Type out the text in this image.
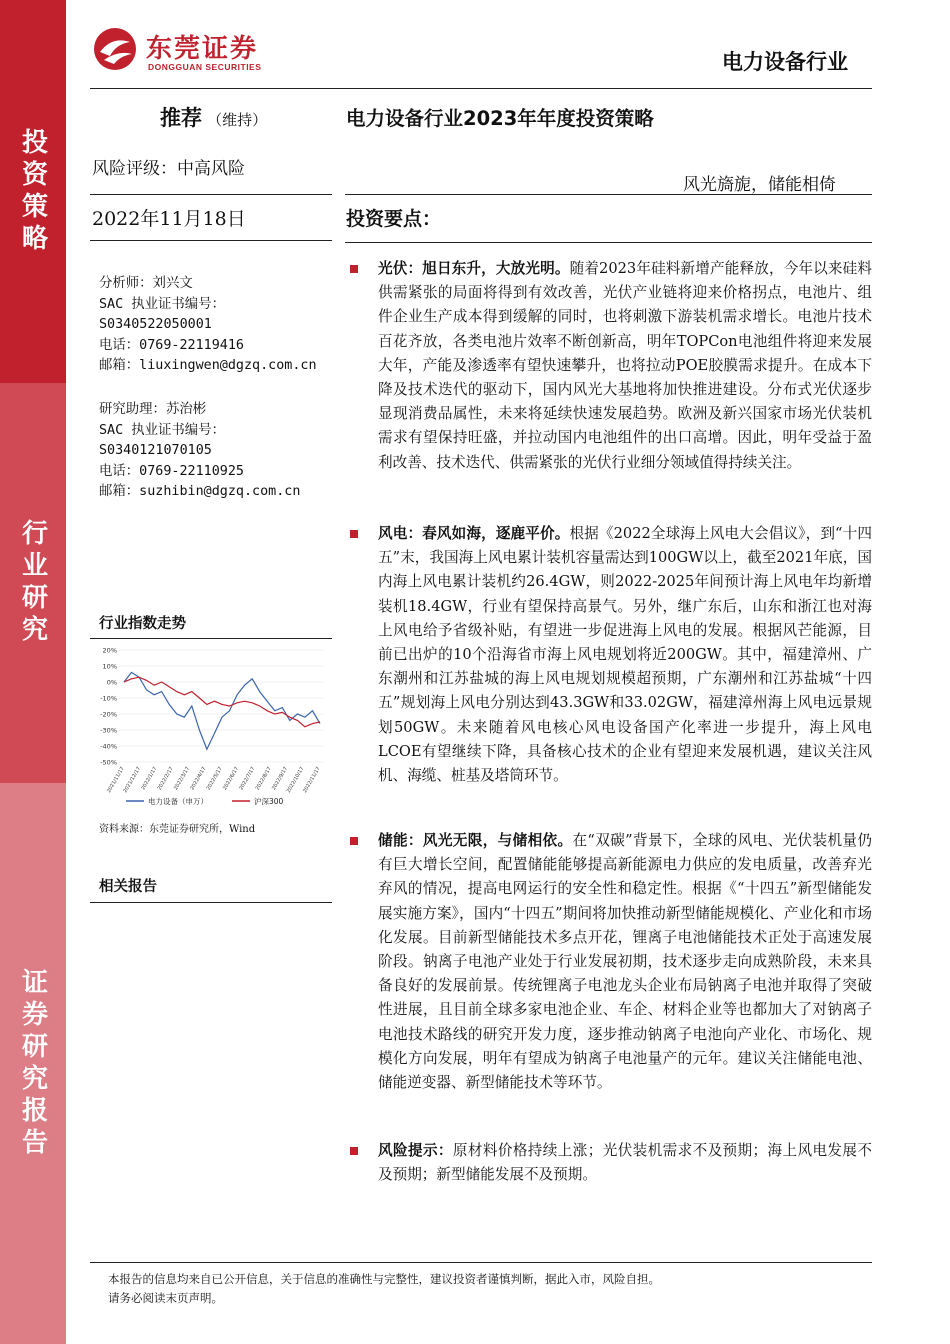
投资策略
行业研究
证券研究报告
东莞证券
DONGGUAN SECURITIES	电力设备行业
推荐 （维持）	电力设备行业2023年年度投资策略
风险评级：中高风险
风光旖旎，储能相倚
2022年11月18日	投资要点：
分析师：刘兴文
SAC 执业证书编号：
S0340522050001
电话：0769-22119416
邮箱：liuxingwen@dgzq.com.cn
研究助理：苏治彬
SAC 执业证书编号：
S0340121070105
电话：0769-22110925
邮箱：suzhibin@dgzq.com.cn
行业指数走势
20%
10%
0%
-10%
-20%
-30%
-40%
-50%
2021/11/17
2021/12/17
2022/1/17
2022/2/17
2022/3/17
2022/4/17
2022/5/17
2022/6/17
2022/7/17
2022/8/17
2022/9/17
2022/10/17
2022/11/17
电力设备（申万）	沪深300
资料来源：东莞证券研究所，Wind
相关报告
光伏：旭日东升，大放光明。随着2023年硅料新增产能释放，今年以来硅料供需紧张的局面将得到有效改善，光伏产业链将迎来价格拐点，电池片、组件企业生产成本得到缓解的同时，也将刺激下游装机需求增长。电池片技术百花齐放，各类电池片效率不断创新高，明年TOPCon电池组件将迎来发展大年，产能及渗透率有望快速攀升，也将拉动POE胶膜需求提升。在成本下降及技术迭代的驱动下，国内风光大基地将加快推进建设。分布式光伏逐步显现消费品属性，未来将延续快速发展趋势。欧洲及新兴国家市场光伏装机需求有望保持旺盛，并拉动国内电池组件的出口高增。因此，明年受益于盈利改善、技术迭代、供需紧张的光伏行业细分领域值得持续关注。
风电：春风如海，逐鹿平价。根据《2022全球海上风电大会倡议》，到“十四五”末，我国海上风电累计装机容量需达到100GW以上，截至2021年底，国内海上风电累计装机约26.4GW，则2022-2025年间预计海上风电年均新增装机18.4GW，行业有望保持高景气。另外，继广东后，山东和浙江也对海上风电给予省级补贴，有望进一步促进海上风电的发展。根据风芒能源，目前已出炉的10个沿海省市海上风电规划将近200GW。其中，福建漳州、广东潮州和江苏盐城的海上风电规划规模超预期，广东潮州和江苏盐城“十四五”规划海上风电分别达到43.3GW和33.02GW，福建漳州海上风电远景规划50GW。未来随着风电核心风电设备国产化率进一步提升，海上风电LCOE有望继续下降，具备核心技术的企业有望迎来发展机遇，建议关注风机、海缆、桩基及塔筒环节。
储能：风光无限，与储相依。在“双碳”背景下，全球的风电、光伏装机量仍有巨大增长空间，配置储能能够提高新能源电力供应的发电质量，改善弃光弃风的情况，提高电网运行的安全性和稳定性。根据《“十四五”新型储能发展实施方案》，国内“十四五”期间将加快推动新型储能规模化、产业化和市场化发展。目前新型储能技术多点开花，锂离子电池储能技术正处于高速发展阶段。钠离子电池产业处于行业发展初期，技术逐步走向成熟阶段，未来具备良好的发展前景。传统锂离子电池龙头企业布局钠离子电池并取得了突破性进展，且目前全球多家电池企业、车企、材料企业等也都加大了对钠离子电池技术路线的研究开发力度，逐步推动钠离子电池向产业化、市场化、规模化方向发展，明年有望成为钠离子电池量产的元年。建议关注储能电池、储能逆变器、新型储能技术等环节。
风险提示：原材料价格持续上涨；光伏装机需求不及预期；海上风电发展不及预期；新型储能发展不及预期。
本报告的信息均来自已公开信息，关于信息的准确性与完整性，建议投资者谨慎判断，据此入市，风险自担。
请务必阅读末页声明。
